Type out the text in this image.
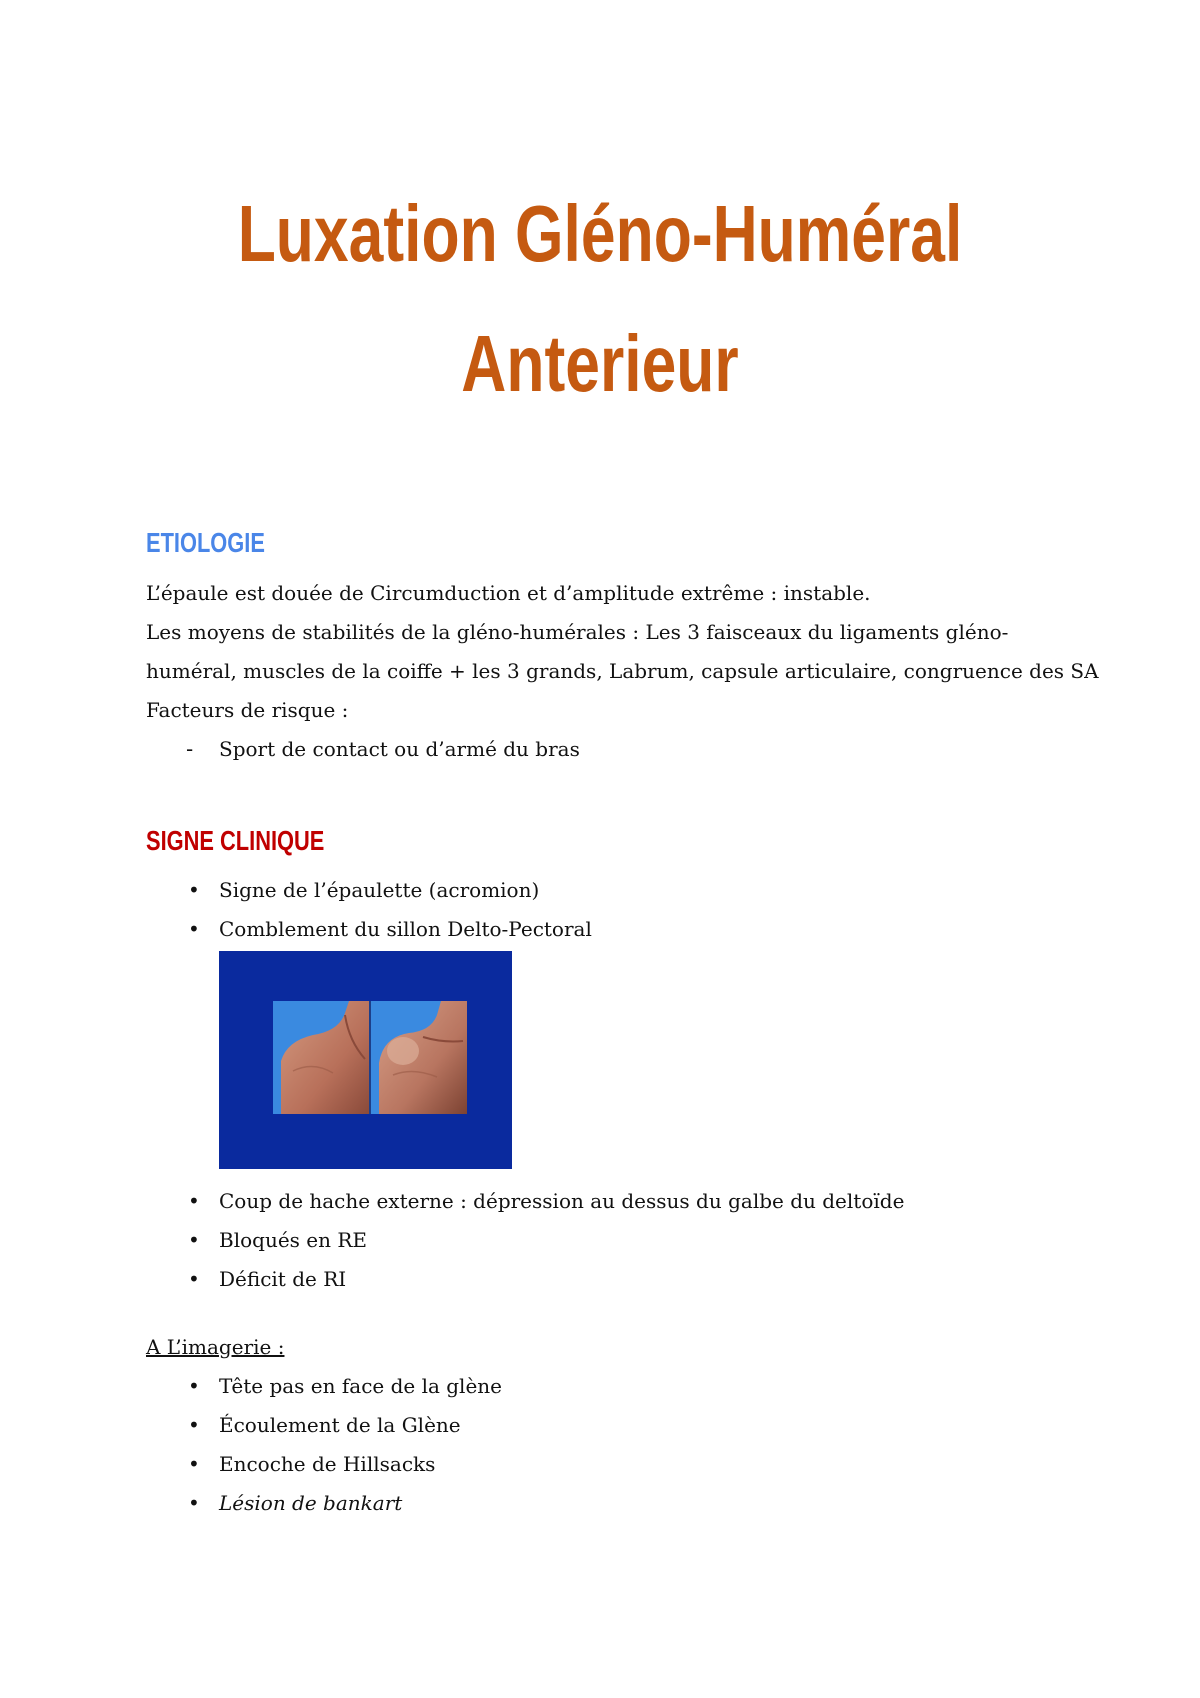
Luxation Gléno-Huméral
Anterieur
ETIOLOGIE
L’épaule est douée de Circumduction et d’amplitude extrême : instable.
Les moyens de stabilités de la gléno-humérales : Les 3 faisceaux du ligaments gléno-
huméral, muscles de la coiffe + les 3 grands, Labrum, capsule articulaire, congruence des SA
Facteurs de risque :
- Sport de contact ou d’armé du bras
SIGNE CLINIQUE
• Signe de l’épaulette (acromion)
• Comblement du sillon Delto-Pectoral
• Coup de hache externe : dépression au dessus du galbe du deltoïde
• Bloqués en RE
• Déficit de RI
A L’imagerie :
• Tête pas en face de la glène
• Écoulement de la Glène
• Encoche de Hillsacks
• Lésion de bankart
